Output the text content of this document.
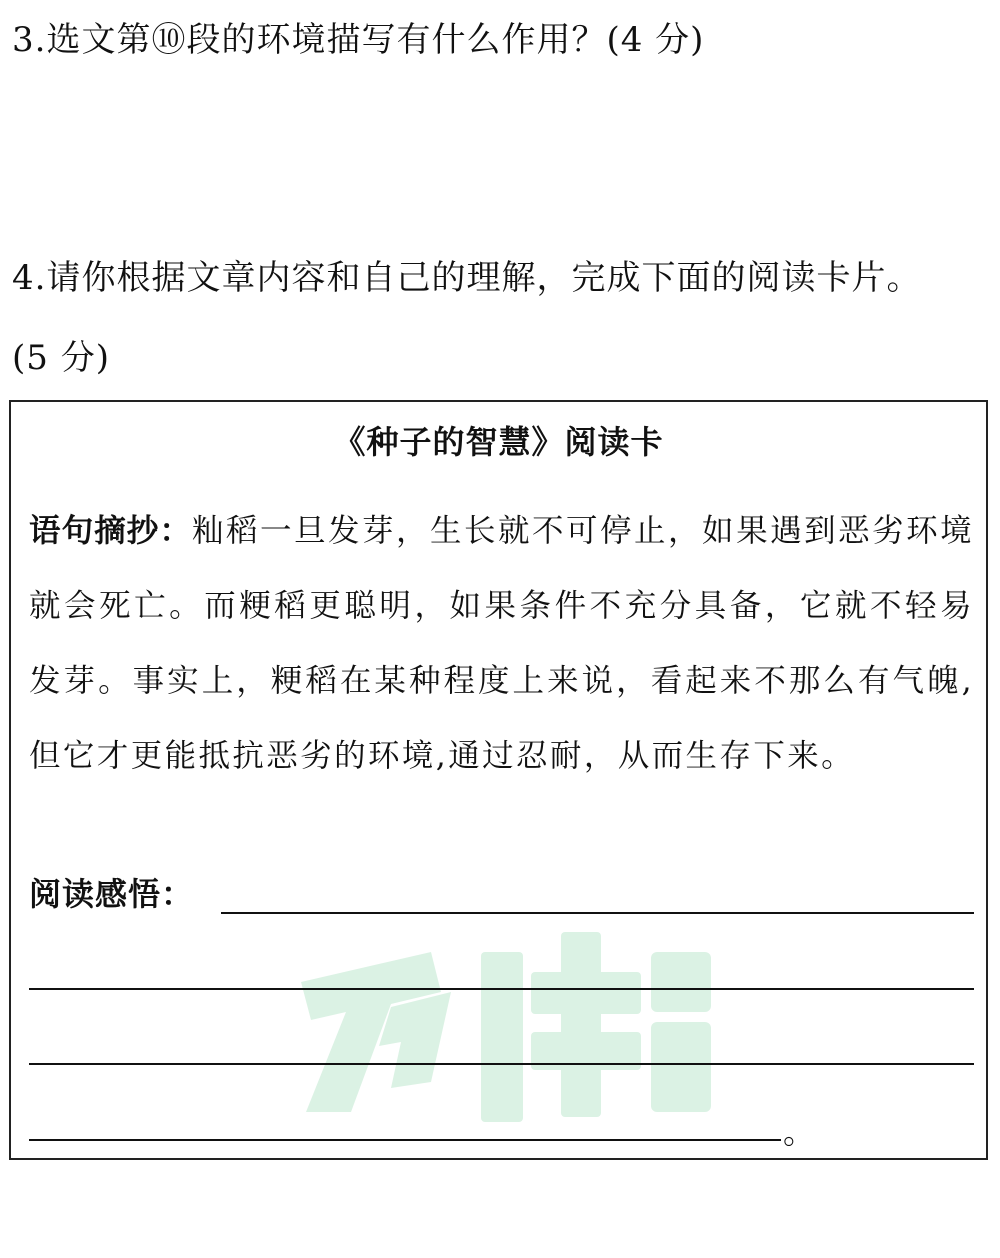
3.选文第⑩段的环境描写有什么作用？(4 分)
4.请你根据文章内容和自己的理解，完成下面的阅读卡片。
(5 分)
《种子的智慧》阅读卡
语句摘抄：籼稻一旦发芽，生长就不可停止，如果遇到恶劣环境就会死亡。而粳稻更聪明，如果条件不充分具备，它就不轻易发芽。事实上，粳稻在某种程度上来说，看起来不那么有气魄,但它才更能抵抗恶劣的环境,通过忍耐，从而生存下来。
阅读感悟：
。
